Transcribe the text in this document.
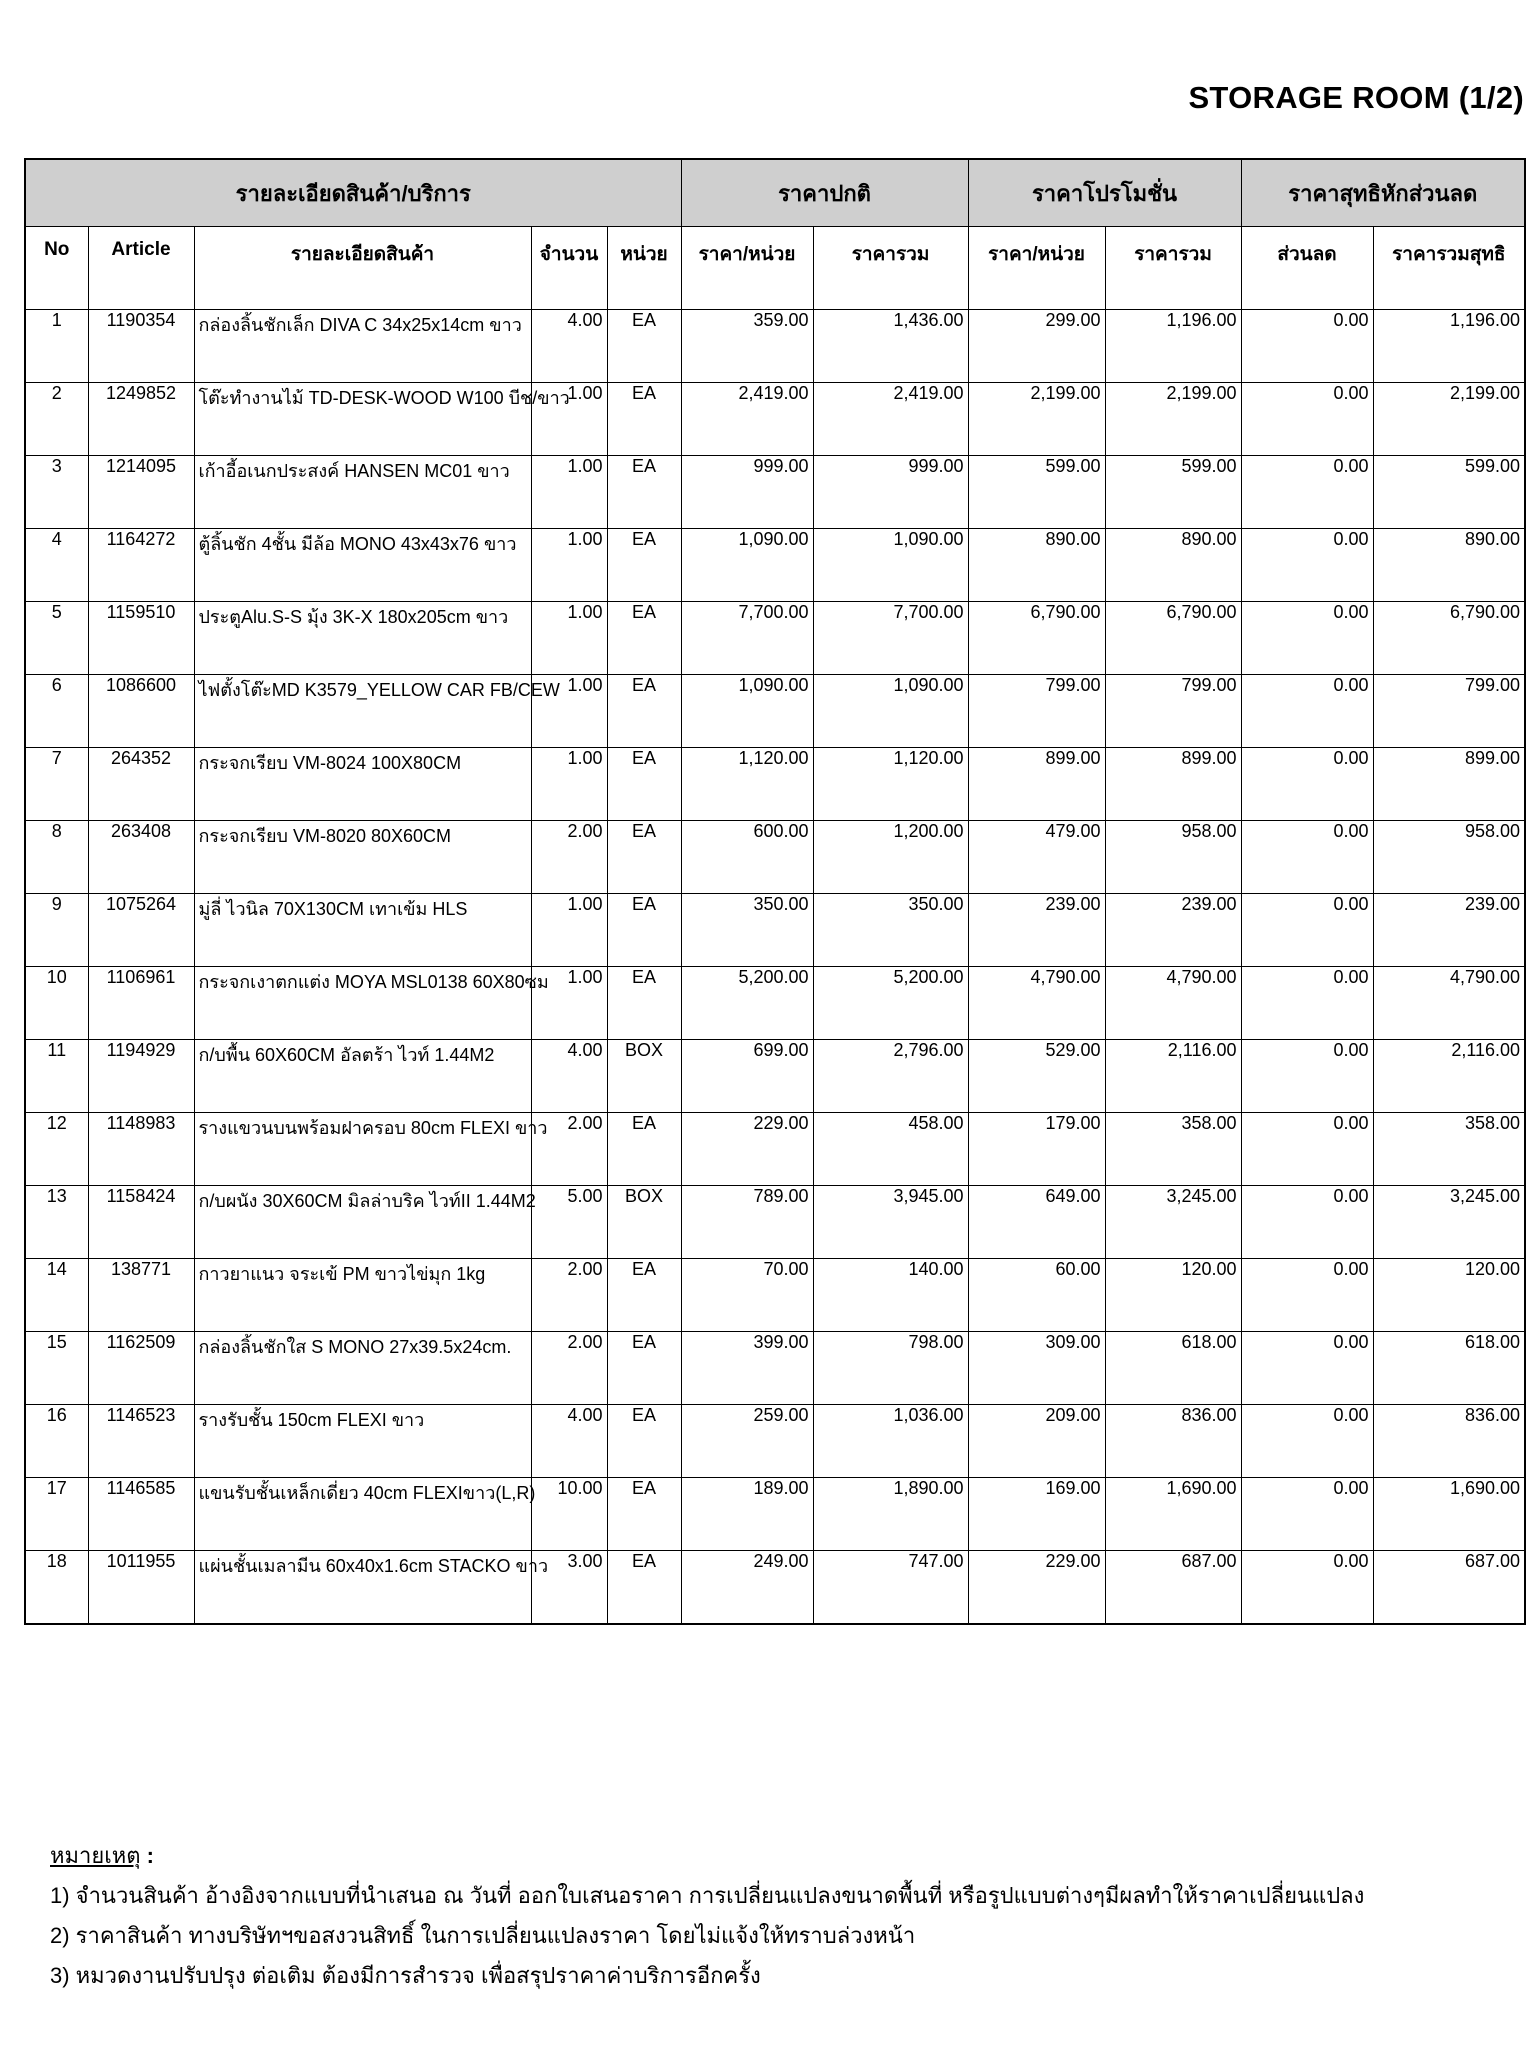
STORAGE ROOM (1/2)
รายละเอียดสินค้า/บริการ					ราคาปกติ		ราคาโปรโมชั่น		ราคาสุทธิหักส่วนลด	
No	Article	รายละเอียดสินค้า	จำนวน	หน่วย	ราคา/หน่วย	ราคารวม	ราคา/หน่วย	ราคารวม	ส่วนลด	ราคารวมสุทธิ
1	1190354	กล่องลิ้นชักเล็ก DIVA C 34x25x14cm ขาว	4.00	EA	359.00	1,436.00	299.00	1,196.00	0.00	1,196.00
2	1249852	โต๊ะทำงานไม้ TD-DESK-WOOD W100 บีช/ขาว	1.00	EA	2,419.00	2,419.00	2,199.00	2,199.00	0.00	2,199.00
3	1214095	เก้าอี้อเนกประสงค์ HANSEN MC01 ขาว	1.00	EA	999.00	999.00	599.00	599.00	0.00	599.00
4	1164272	ตู้ลิ้นชัก 4ชั้น มีล้อ MONO 43x43x76 ขาว	1.00	EA	1,090.00	1,090.00	890.00	890.00	0.00	890.00
5	1159510	ประตูAlu.S-S มุ้ง 3K-X 180x205cm ขาว	1.00	EA	7,700.00	7,700.00	6,790.00	6,790.00	0.00	6,790.00
6	1086600	ไฟตั้งโต๊ะMD K3579_YELLOW CAR FB/CEW	1.00	EA	1,090.00	1,090.00	799.00	799.00	0.00	799.00
7	264352	กระจกเรียบ VM-8024 100X80CM	1.00	EA	1,120.00	1,120.00	899.00	899.00	0.00	899.00
8	263408	กระจกเรียบ VM-8020 80X60CM	2.00	EA	600.00	1,200.00	479.00	958.00	0.00	958.00
9	1075264	มู่ลี่ ไวนิล 70X130CM เทาเข้ม HLS	1.00	EA	350.00	350.00	239.00	239.00	0.00	239.00
10	1106961	กระจกเงาตกแต่ง MOYA MSL0138 60X80ซม	1.00	EA	5,200.00	5,200.00	4,790.00	4,790.00	0.00	4,790.00
11	1194929	ก/บพื้น 60X60CM อัลตร้า ไวท์ 1.44M2	4.00	BOX	699.00	2,796.00	529.00	2,116.00	0.00	2,116.00
12	1148983	รางแขวนบนพร้อมฝาครอบ 80cm FLEXI ขาว	2.00	EA	229.00	458.00	179.00	358.00	0.00	358.00
13	1158424	ก/บผนัง 30X60CM มิลล่าบริค ไวท์II 1.44M2	5.00	BOX	789.00	3,945.00	649.00	3,245.00	0.00	3,245.00
14	138771	กาวยาแนว จระเข้ PM ขาวไข่มุก 1kg	2.00	EA	70.00	140.00	60.00	120.00	0.00	120.00
15	1162509	กล่องลิ้นชักใส S MONO 27x39.5x24cm.	2.00	EA	399.00	798.00	309.00	618.00	0.00	618.00
16	1146523	รางรับชั้น 150cm FLEXI ขาว	4.00	EA	259.00	1,036.00	209.00	836.00	0.00	836.00
17	1146585	แขนรับชั้นเหล็กเดี่ยว 40cm FLEXIขาว(L,R)	10.00	EA	189.00	1,890.00	169.00	1,690.00	0.00	1,690.00
18	1011955	แผ่นชั้นเมลามีน 60x40x1.6cm STACKO ขาว	3.00	EA	249.00	747.00	229.00	687.00	0.00	687.00
หมายเหตุ :
1) จำนวนสินค้า อ้างอิงจากแบบที่นำเสนอ ณ วันที่ ออกใบเสนอราคา การเปลี่ยนแปลงขนาดพื้นที่ หรือรูปแบบต่างๆมีผลทำให้ราคาเปลี่ยนแปลง
2) ราคาสินค้า ทางบริษัทฯขอสงวนสิทธิ์ ในการเปลี่ยนแปลงราคา โดยไม่แจ้งให้ทราบล่วงหน้า
3) หมวดงานปรับปรุง ต่อเติม ต้องมีการสำรวจ เพื่อสรุปราคาค่าบริการอีกครั้ง
